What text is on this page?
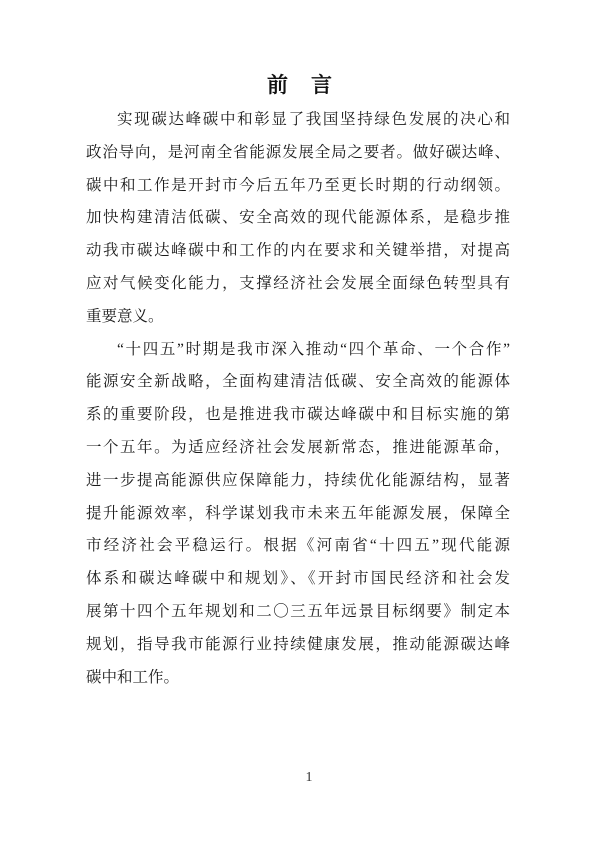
前　言
实现碳达峰碳中和彰显了我国坚持绿色发展的决心和
政治导向，是河南全省能源发展全局之要者。做好碳达峰、
碳中和工作是开封市今后五年乃至更长时期的行动纲领。
加快构建清洁低碳、安全高效的现代能源体系，是稳步推
动我市碳达峰碳中和工作的内在要求和关键举措，对提高
应对气候变化能力，支撑经济社会发展全面绿色转型具有
重要意义。
“十四五”时期是我市深入推动“四个革命、一个合作”
能源安全新战略，全面构建清洁低碳、安全高效的能源体
系的重要阶段，也是推进我市碳达峰碳中和目标实施的第
一个五年。为适应经济社会发展新常态，推进能源革命，
进一步提高能源供应保障能力，持续优化能源结构，显著
提升能源效率，科学谋划我市未来五年能源发展，保障全
市经济社会平稳运行。根据《河南省“十四五”现代能源
体系和碳达峰碳中和规划》、《开封市国民经济和社会发
展第十四个五年规划和二〇三五年远景目标纲要》制定本
规划，指导我市能源行业持续健康发展，推动能源碳达峰
碳中和工作。
1
